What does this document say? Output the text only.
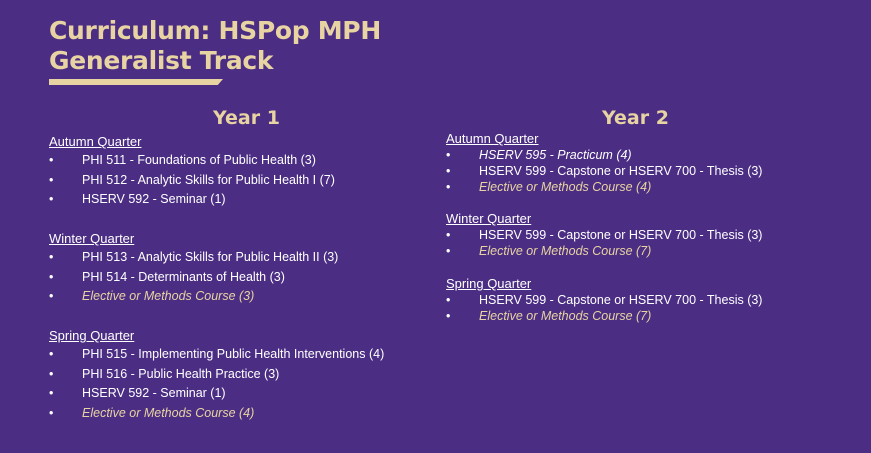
Curriculum: HSPop MPH
Generalist Track
Year 1

Autumn Quarter

• PHI 511 - Foundations of Public Health (3)
• PHI 512 - Analytic Skills for Public Health I (7)
• HSERV 592 - Seminar (1)

Winter Quarter

• PHI 513 - Analytic Skills for Public Health II (3)
• PHI 514 - Determinants of Health (3)
• Elective or Methods Course (3)

Spring Quarter

• PHI 515 - Implementing Public Health Interventions (4)
• PHI 516 - Public Health Practice (3)
• HSERV 592 - Seminar (1)
• Elective or Methods Course (4)
Year 2

Autumn Quarter

• HSERV 595 - Practicum (4)
• HSERV 599 - Capstone or HSERV 700 - Thesis (3)
• Elective or Methods Course (4)

Winter Quarter

• HSERV 599 - Capstone or HSERV 700 - Thesis (3)
• Elective or Methods Course (7)

Spring Quarter

• HSERV 599 - Capstone or HSERV 700 - Thesis (3)
• Elective or Methods Course (7)
